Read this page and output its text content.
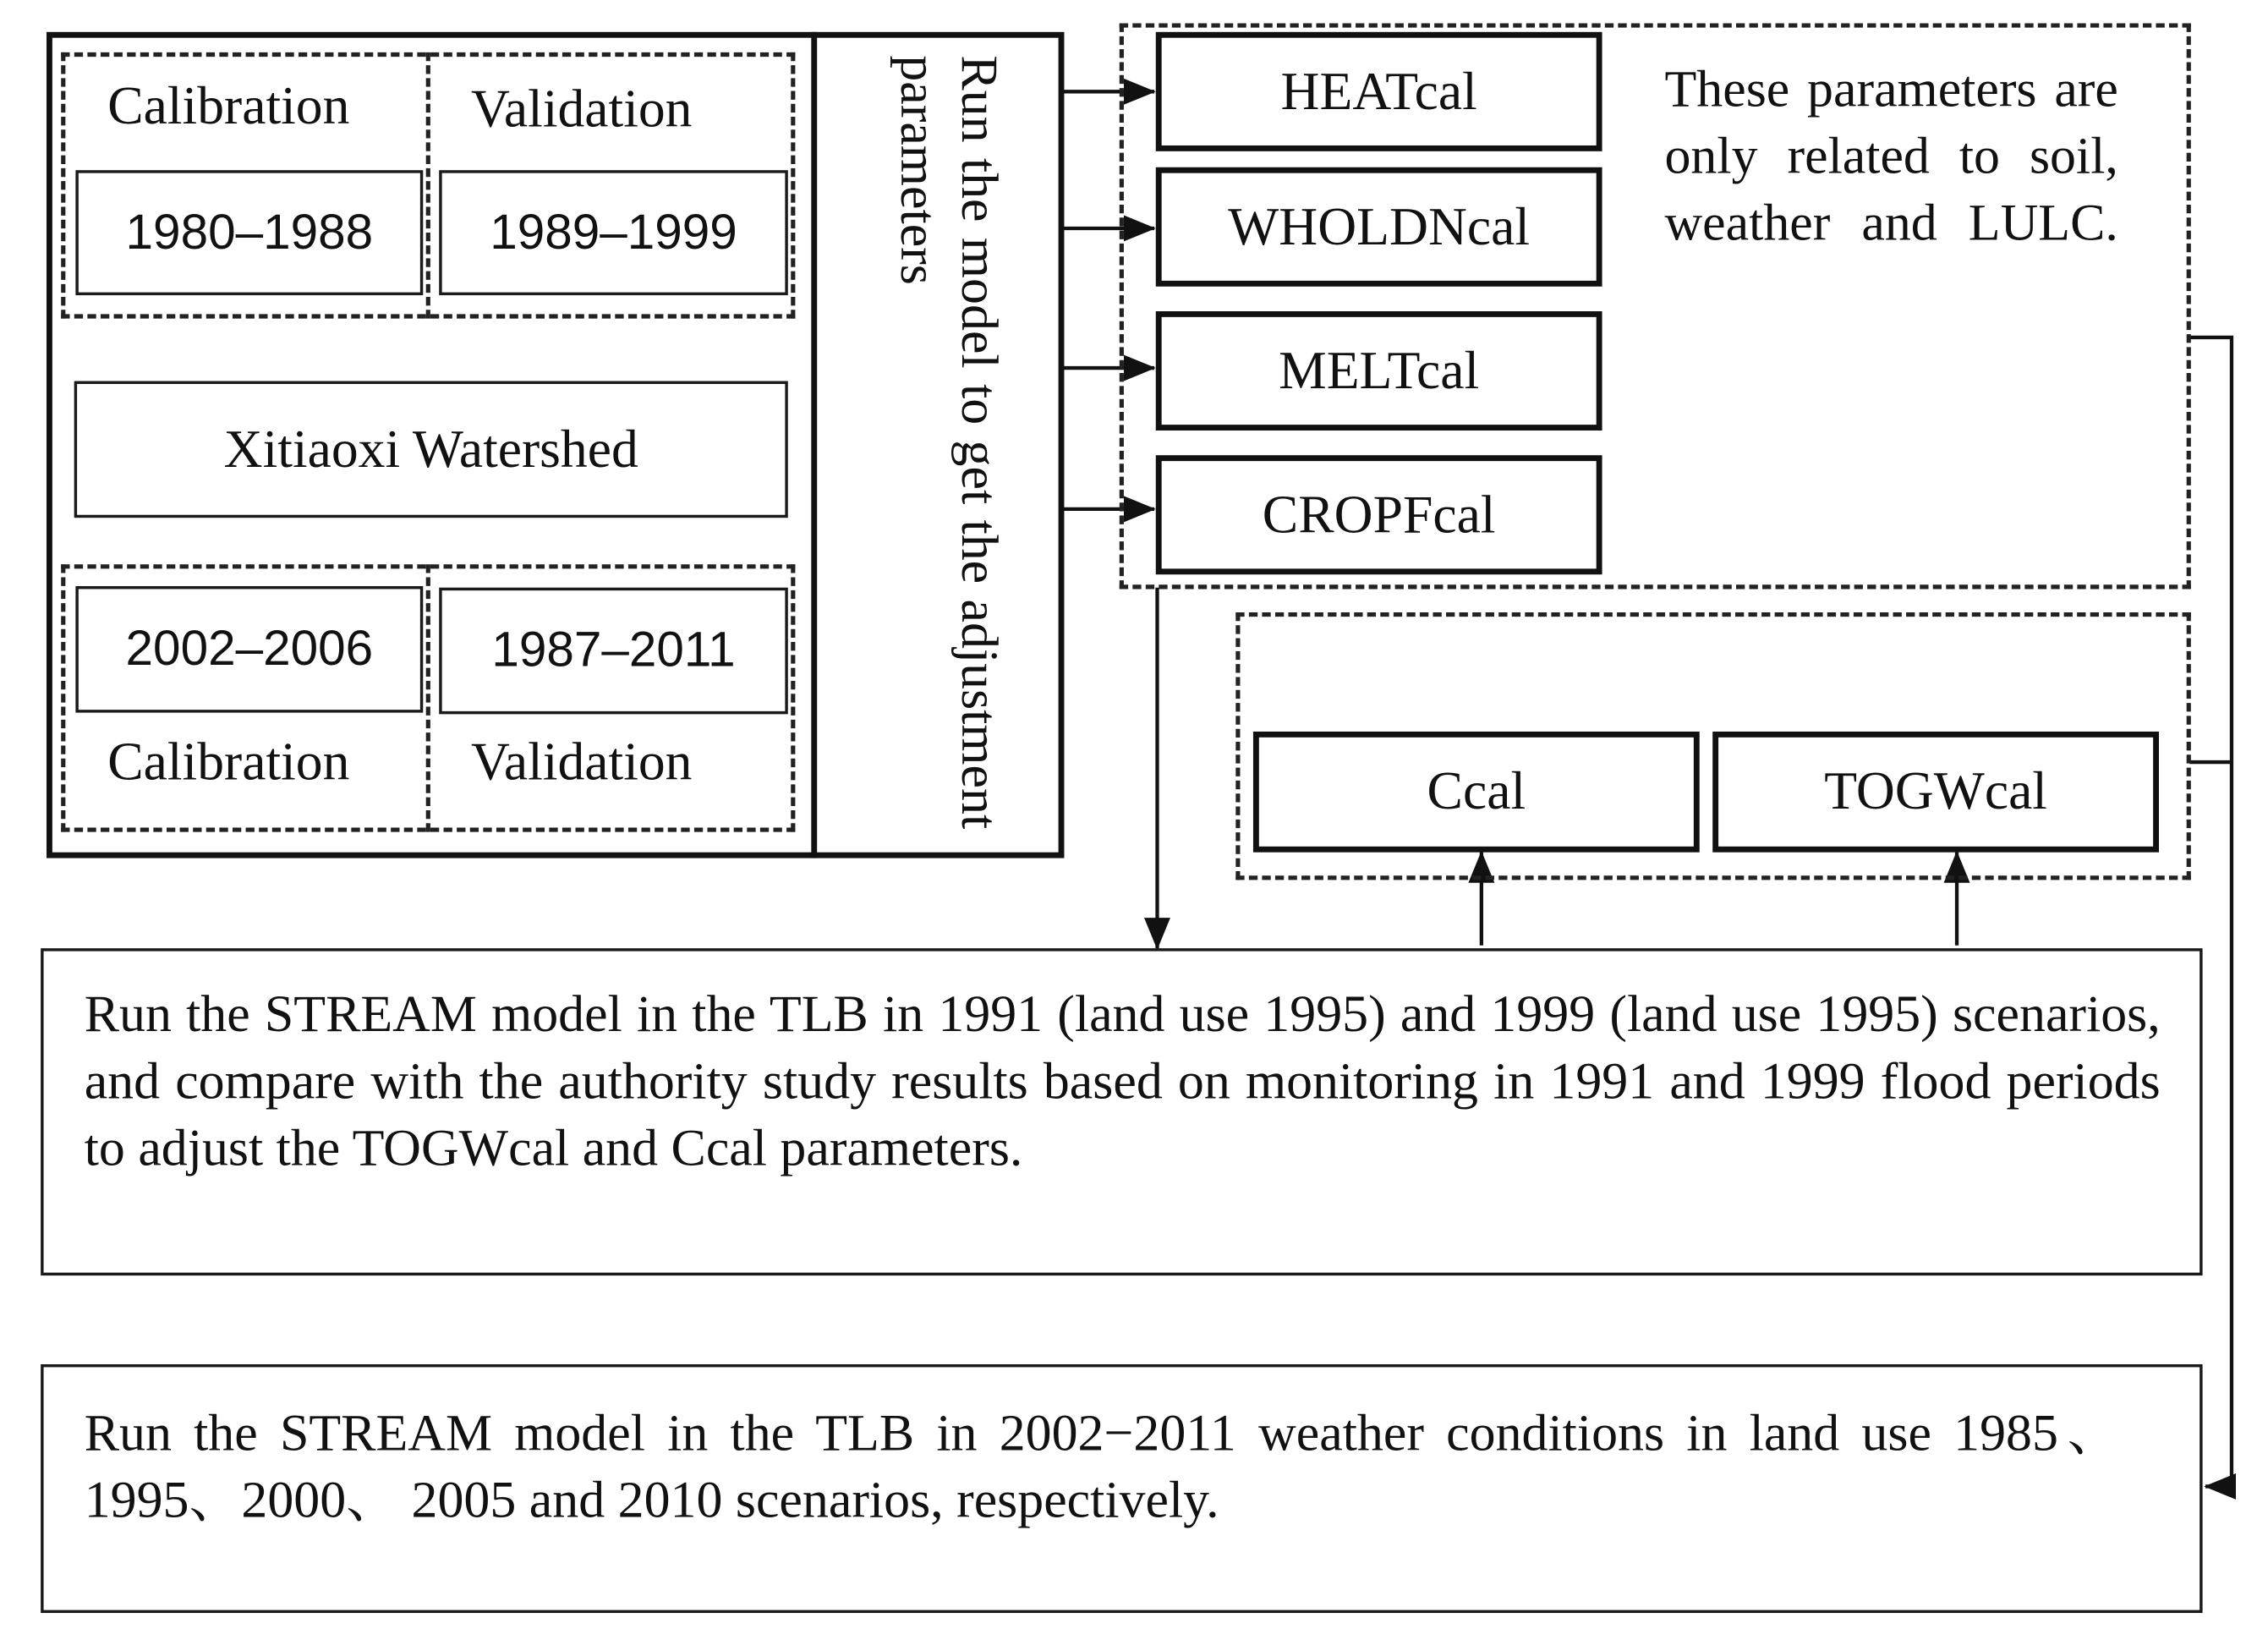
Calibration	Validation
1980–1988	1989–1999
Xitiaoxi Watershed
2002–2006	1987–2011
Calibration	Validation	Run the model to get the adjustment parameters	HEATcal
WHOLDNcal
MELTcal
CROPFcal
These parameters are only related to soil, weather and LULC.
Ccal	TOGWcal
Run the STREAM model in the TLB in 1991 (land use 1995) and 1999 (land use 1995) scenarios, and compare with the authority study results based on monitoring in 1991 and 1999 flood periods to adjust the TOGWcal and Ccal parameters.
Run the STREAM model in the TLB in 2002−2011 weather conditions in land use 1985、1995、2000、 2005 and 2010 scenarios, respectively.
